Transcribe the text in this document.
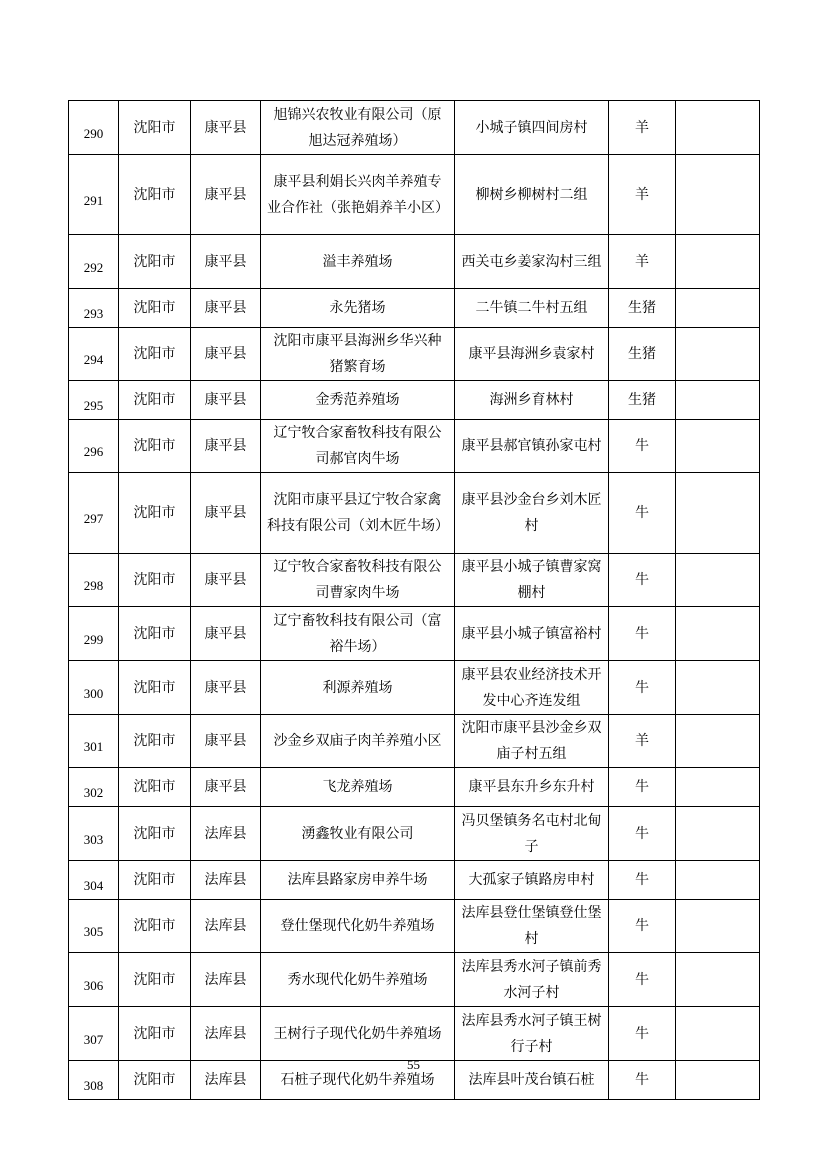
290	沈阳市	康平县	旭锦兴农牧业有限公司（原旭达冠养殖场）	小城子镇四间房村	羊	
291	沈阳市	康平县	康平县利娟长兴肉羊养殖专业合作社（张艳娟养羊小区）	柳树乡柳树村二组	羊	
292	沈阳市	康平县	溢丰养殖场	西关屯乡姜家沟村三组	羊	
293	沈阳市	康平县	永先猪场	二牛镇二牛村五组	生猪	
294	沈阳市	康平县	沈阳市康平县海洲乡华兴种猪繁育场	康平县海洲乡袁家村	生猪	
295	沈阳市	康平县	金秀范养殖场	海洲乡育林村	生猪	
296	沈阳市	康平县	辽宁牧合家畜牧科技有限公司郝官肉牛场	康平县郝官镇孙家屯村	牛	
297	沈阳市	康平县	沈阳市康平县辽宁牧合家禽科技有限公司（刘木匠牛场）	康平县沙金台乡刘木匠村	牛	
298	沈阳市	康平县	辽宁牧合家畜牧科技有限公司曹家肉牛场	康平县小城子镇曹家窝棚村	牛	
299	沈阳市	康平县	辽宁畜牧科技有限公司（富裕牛场）	康平县小城子镇富裕村	牛	
300	沈阳市	康平县	利源养殖场	康平县农业经济技术开发中心齐连发组	牛	
301	沈阳市	康平县	沙金乡双庙子肉羊养殖小区	沈阳市康平县沙金乡双庙子村五组	羊	
302	沈阳市	康平县	飞龙养殖场	康平县东升乡东升村	牛	
303	沈阳市	法库县	湧鑫牧业有限公司	冯贝堡镇务名屯村北甸子	牛	
304	沈阳市	法库县	法库县路家房申养牛场	大孤家子镇路房申村	牛	
305	沈阳市	法库县	登仕堡现代化奶牛养殖场	法库县登仕堡镇登仕堡村	牛	
306	沈阳市	法库县	秀水现代化奶牛养殖场	法库县秀水河子镇前秀水河子村	牛	
307	沈阳市	法库县	王树行子现代化奶牛养殖场	法库县秀水河子镇王树行子村	牛	
308	沈阳市	法库县	石桩子现代化奶牛养殖场	法库县叶茂台镇石桩	牛	
55
